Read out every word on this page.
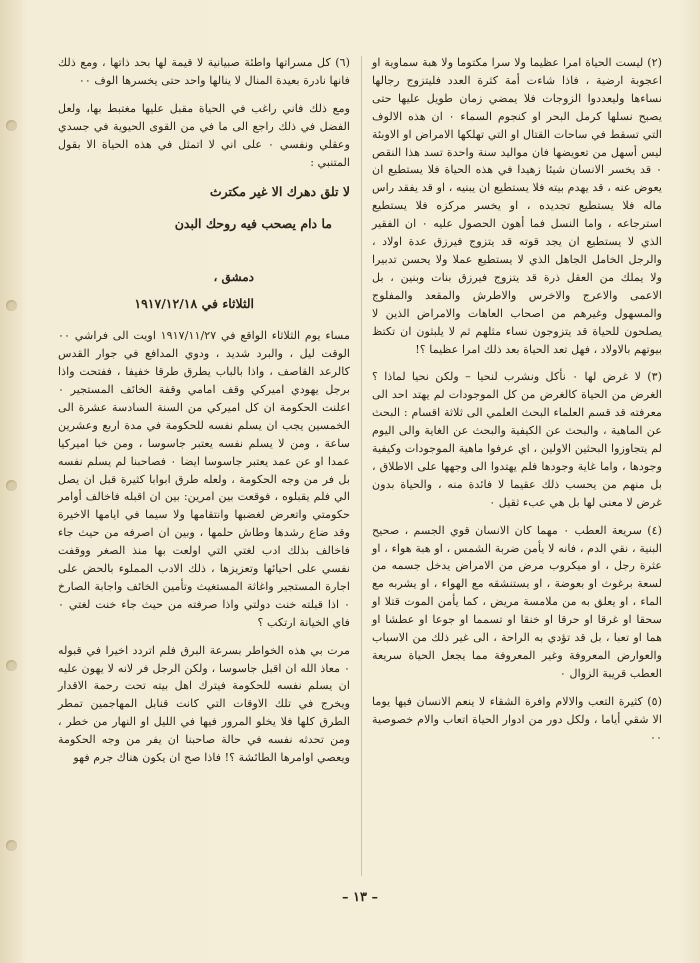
(٢) ليست الحياة امرا عظيما ولا سرا مكتوما ولا هبة سماوية او اعجوبة ارضية ، فاذا شاءت أمة كثرة العدد فليتزوج رجالها نساءها وليعددوا الزوجات فلا يمضي زمان طويل عليها حتى يصبح نسلها كرمل البحر او كنجوم السماء ٠ ان هذه الالوف التي تسقط في ساحات القتال او التي تهلكها الامراض او الاوبئة ليس أسهل من تعويضها فان مواليد سنة واحدة تسد هذا النقص ٠ قد يخسر الانسان شيئا زهيدا في هذه الحياة فلا يستطيع ان يعوض عنه ، قد يهدم بيته فلا يستطيع ان يبنيه ، او قد يفقد راس ماله فلا يستطيع تجديده ، او يخسر مركزه فلا يستطيع استرجاعه ، واما النسل فما أهون الحصول عليه ٠ ان الفقير الذي لا يستطيع ان يجد قوته قد يتزوج فيرزق عدة اولاد ، والرجل الخامل الجاهل الذي لا يستطيع عملا ولا يحسن تدبيرا ولا يملك من العقل ذرة قد يتزوج فيرزق بنات وبنين ، بل الاعمى والاعرج والاخرس والاطرش والمقعد والمفلوج والمسهول وغيرهم من اصحاب العاهات والامراض الذين لا يصلحون للحياة قد يتزوجون نساء مثلهم ثم لا يلبثون ان تكتظ بيوتهم بالاولاد ، فهل تعد الحياة بعد ذلك امرا عظيما ؟!

(٣) لا غرض لها ٠ نأكل ونشرب لنحيا – ولكن نحيا لماذا ؟ الغرض من الحياة كالغرض من كل الموجودات لم يهتد احد الى معرفته قد قسم العلماء البحث العلمي الى ثلاثة اقسام : البحث عن الماهية ، والبحث عن الكيفية والبحث عن الغاية والى اليوم لم يتجاوزوا البحثين الاولين ، اي عرفوا ماهية الموجودات وكيفية وجودها ، واما غاية وجودها فلم يهتدوا الى وجهها على الاطلاق ، بل منهم من يحسب ذلك عقيما لا فائدة منه ، والحياة بدون غرض لا معنى لها بل هي عبء ثقيل ٠

(٤) سريعة العطب ٠ مهما كان الانسان قوي الجسم ، صحيح البنية ، نقي الدم ، فانه لا يأمن ضربة الشمس ، او هبة هواء ، او عثرة رجل ، او ميكروب مرض من الامراض يدخل جسمه من لسعة برغوث او بعوضة ، او يستنشقه مع الهواء ، او يشربه مع الماء ، او يعلق به من ملامسة مريض ، كما يأمن الموت قتلا او سحقا او غرقا او حرقا او خنقا او تسمما او جوعا او عطشا او هما او تعبا ، بل قد تؤدي به الراحة ، الى غير ذلك من الاسباب والعوارض المعروفة وغير المعروفة مما يجعل الحياة سريعة العطب قريبة الزوال ٠

(٥) كثيرة التعب والالام وافرة الشقاء لا ينعم الانسان فيها يوما الا شقي أياما ، ولكل دور من ادوار الحياة اتعاب والام خصوصية ٠٠

(٦) كل مسراتها واطئة صبيانية لا قيمة لها بحد ذاتها ، ومع ذلك فانها نادرة بعيدة المنال لا ينالها واحد حتى يخسرها الوف ٠٠

ومع ذلك فاني راغب في الحياة مقبل عليها مغتبط بها، ولعل الفضل في ذلك راجع الى ما في من القوى الحيوية في جسدي وعقلي ونفسي ٠ على اني لا اتمثل في هذه الحياة الا بقول المتنبي :

لا تلق دهرك الا غير مكترث
ما دام يصحب فيه روحك البدن
دمشق ،
الثلاثاء في ١٩١٧/١٢/١٨

مساء يوم الثلاثاء الواقع في ١٩١٧/١١/٢٧ اويت الى فراشي ٠٠ الوقت ليل ، والبرد شديد ، ودوي المدافع في جوار القدس كالرعد القاصف ، واذا بالباب يطرق طرقا خفيفا ، ففتحت واذا برجل يهودي اميركي وقف امامي وقفة الخائف المستجير ٠ اعلنت الحكومة ان كل اميركي من السنة السادسة عشرة الى الخمسين يجب ان يسلم نفسه للحكومة في مدة اربع وعشرين ساعة ، ومن لا يسلم نفسه يعتبر جاسوسا ، ومن خبا اميركيا عمدا او عن عمد يعتبر جاسوسا ايضا ٠ فصاحبنا لم يسلم نفسه بل فر من وجه الحكومة ، ولعله طرق ابوابا كثيرة قبل ان يصل الي فلم يقبلوه ، فوقعت بين امرين: بين ان اقبله فاخالف أوامر حكومتي واتعرض لغضبها وانتقامها ولا سيما في ايامها الاخيرة وقد ضاع رشدها وطاش حلمها ، وبين ان اصرفه من حيث جاء فاخالف بذلك ادب لغتي التي اولعت بها منذ الصغر ووقفت نفسي على احيائها وتعزيزها ، ذلك الادب المملوء بالحض على اجارة المستجير واغاثة المستغيث وتأمين الخائف واجابة الصارخ ٠ اذا قبلته خنت دولتي واذا صرفته من حيث جاء خنت لغتي ٠ فاي الخيانة ارتكب ؟

مرت بي هذه الخواطر بسرعة البرق فلم اتردد اخيرا في قبوله ٠ معاذ الله ان اقبل جاسوسا ، ولكن الرجل فر لانه لا يهون عليه ان يسلم نفسه للحكومة فيترك اهل بيته تحت رحمة الاقدار ويخرج في تلك الاوقات التي كانت قنابل المهاجمين تمطر الطرق كلها فلا يخلو المرور فيها في الليل او النهار من خطر ، ومن تحدثه نفسه في حالة صاحبنا ان يفر من وجه الحكومة ويعصي اوامرها الطائشة ؟! فاذا صح ان يكون هناك جرم فهو

– ١٣ –
